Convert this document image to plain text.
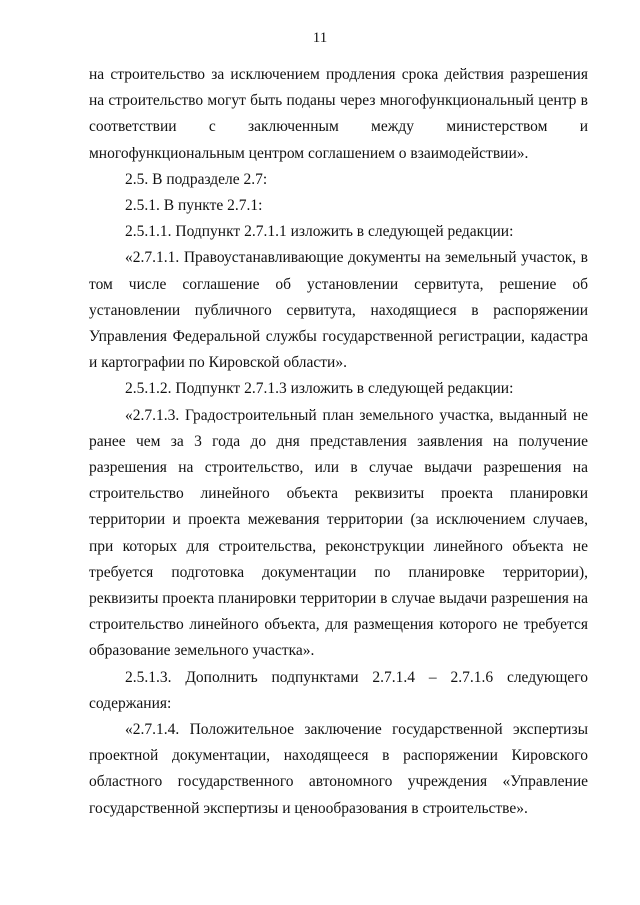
11

на строительство за исключением продления срока действия разрешения на строительство могут быть поданы через многофункциональный центр в соответствии с заключенным между министерством и многофункциональным центром соглашением о взаимодействии».

2.5. В подразделе 2.7:

2.5.1. В пункте 2.7.1:

2.5.1.1. Подпункт 2.7.1.1 изложить в следующей редакции:

«2.7.1.1. Правоустанавливающие документы на земельный участок, в том числе соглашение об установлении сервитута, решение об установлении публичного сервитута, находящиеся в распоряжении Управления Федеральной службы государственной регистрации, кадастра и картографии по Кировской области».

2.5.1.2. Подпункт 2.7.1.3 изложить в следующей редакции:

«2.7.1.3. Градостроительный план земельного участка, выданный не ранее чем за 3 года до дня представления заявления на получение разрешения на строительство, или в случае выдачи разрешения на строительство линейного объекта реквизиты проекта планировки территории и проекта межевания территории (за исключением случаев, при которых для строительства, реконструкции линейного объекта не требуется подготовка документации по планировке территории), реквизиты проекта планировки территории в случае выдачи разрешения на строительство линейного объекта, для размещения которого не требуется образование земельного участка».

2.5.1.3. Дополнить подпунктами 2.7.1.4 – 2.7.1.6 следующего содержания:

«2.7.1.4. Положительное заключение государственной экспертизы проектной документации, находящееся в распоряжении Кировского областного государственного автономного учреждения «Управление государственной экспертизы и ценообразования в строительстве».
